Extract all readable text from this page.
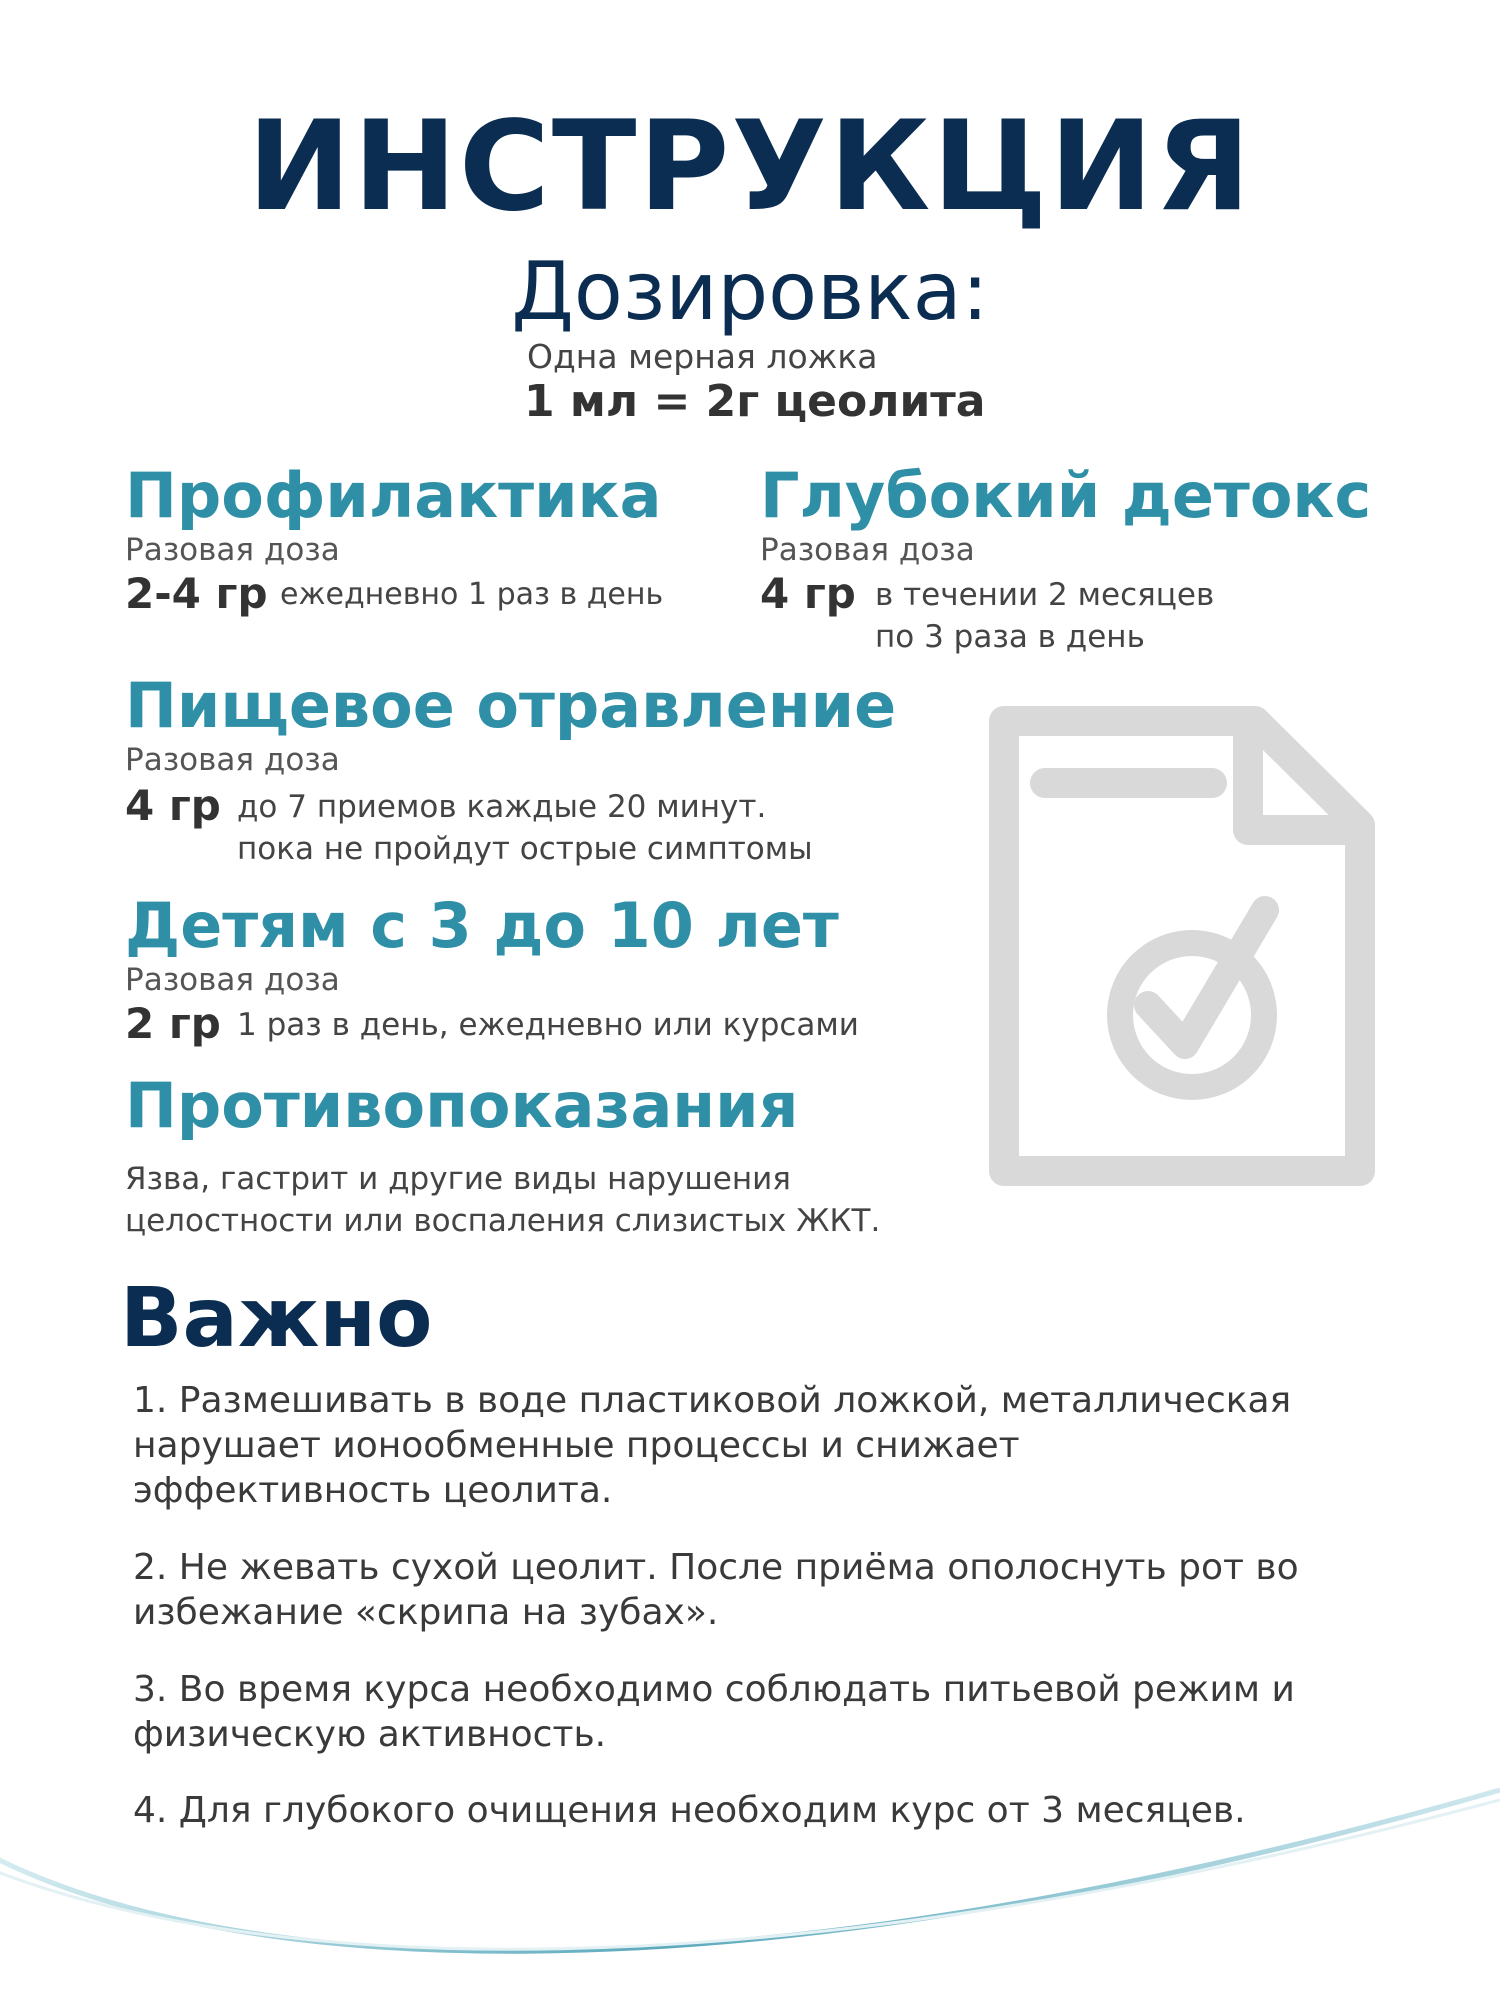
ИНСТРУКЦИЯ
Дозировка:
Одна мерная ложка
1 мл = 2г цеолита
Профилактика
Разовая доза
2-4 гр ежедневно 1 раз в день
Глубокий детокс
Разовая доза
4 гр в течении 2 месяцев
по 3 раза в день
Пищевое отравление
Разовая доза
4 гр до 7 приемов каждые 20 минут.
пока не пройдут острые симптомы
Детям с 3 до 10 лет
Разовая доза
2 гр 1 раз в день, ежедневно или курсами
Противопоказания
Язва, гастрит и другие виды нарушения
целостности или воспаления слизистых ЖКТ.
Важно
1. Размешивать в воде пластиковой ложкой, металлическая
нарушает ионообменные процессы и снижает
эффективность цеолита.
2. Не жевать сухой цеолит. После приёма ополоснуть рот во
избежание «скрипа на зубах».
3. Во время курса необходимо соблюдать питьевой режим и
физическую активность.
4. Для глубокого очищения необходим курс от 3 месяцев.
